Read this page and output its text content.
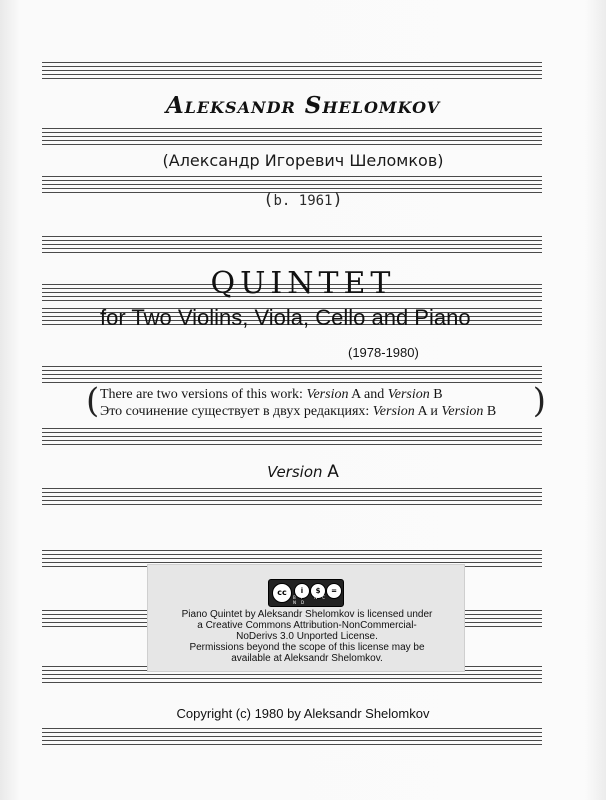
Aleksandr Shelomkov
(Александр Игоревич Шеломков)
(b. 1961)
QUINTET
for Two Violins, Viola, Cello and Piano
(1978-1980)
( There are two versions of this work: Version A and Version B
Это сочинение существует в двух редакциях: Version A и Version B )
Version A
cc	i	$	=
BY NC ND
Piano Quintet by Aleksandr Shelomkov is licensed under
a Creative Commons Attribution-NonCommercial-
NoDerivs 3.0 Unported License.
Permissions beyond the scope of this license may be
available at Aleksandr Shelomkov.
Copyright (c) 1980 by Aleksandr Shelomkov
